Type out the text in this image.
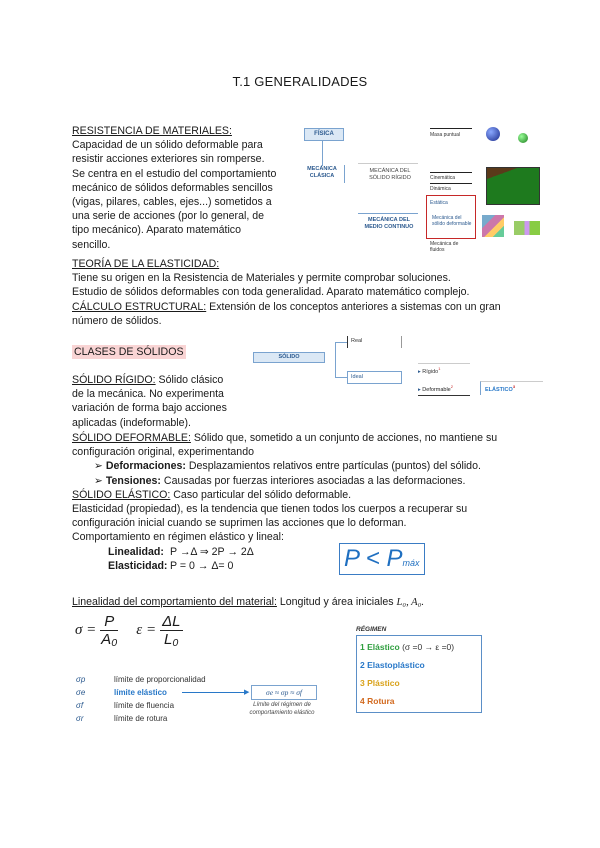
T.1 GENERALIDADES
RESISTENCIA DE MATERIALES:
Capacidad de un sólido deformable para
resistir acciones exteriores sin romperse.
Se centra en el estudio del comportamiento
mecánico de sólidos deformables sencillos
(vigas, pilares, cables, ejes...) sometidos a
una serie de acciones (por lo general, de
tipo mecánico). Aparato matemático
sencillo.
FÍSICA
MECÁNICA
CLÁSICA
MECÁNICA DEL
SÓLIDO RÍGIDO
MECÁNICA DEL
MEDIO CONTINUO
Masa puntual
Cinemática
Dinámica
Estática
Mecánica del sólido deformable
Mecánica de fluidos
TEORÍA DE LA ELASTICIDAD:
Tiene su origen en la Resistencia de Materiales y permite comprobar soluciones.
Estudio de sólidos deformables con toda generalidad. Aparato matemático complejo.
CÁLCULO ESTRUCTURAL: Extensión de los conceptos anteriores a sistemas con un gran
número de sólidos.
CLASES DE SÓLIDOS
SÓLIDO RÍGIDO: Sólido clásico
de la mecánica. No experimenta
variación de forma bajo acciones
aplicadas (indeformable).
SÓLIDO
Real
Ideal
▸ Rígido$^1$
▸ Deformable$^2$
ELÁSTICO$^3$
SÓLIDO DEFORMABLE: Sólido que, sometido a un conjunto de acciones, no mantiene su
configuración original, experimentando
➢ Deformaciones: Desplazamientos relativos entre partículas (puntos) del sólido.
➢ Tensiones: Causadas por fuerzas interiores asociadas a las deformaciones.
SÓLIDO ELÁSTICO: Caso particular del sólido deformable.
Elasticidad (propiedad), es la tendencia que tienen todos los cuerpos a recuperar su
configuración inicial cuando se suprimen las acciones que lo deforman.
Comportamiento en régimen elástico y lineal:
Linealidad: P →Δ ⇒ 2P → 2Δ
Elasticidad: P = 0 → Δ= 0	P < Pmáx
Linealidad del comportamiento del material: Longitud y área iniciales L₀, A₀.
$\sigma = \frac{P}{\text{A₀}}$ $\varepsilon = \frac{\Delta L}{\text{L₀}}$	RÉGIMEN
1 Elástico (σ =0 → ε =0)
2 Elastoplástico
3 Plástico
4 Rotura
σp	límite de proporcionalidad
σe	límite elástico
σf	límite de fluencia
σr	límite de rotura
▶	σe ≈ σp ≈ σf
Límite del régimen de
comportamiento elástico
